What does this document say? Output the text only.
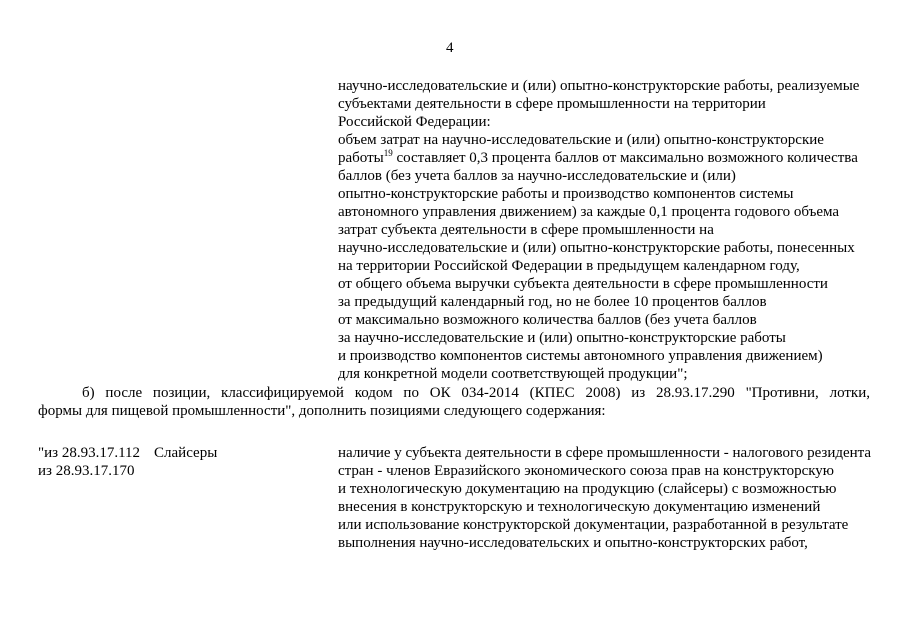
4
научно-исследовательские и (или) опытно-конструкторские работы, реализуемые
субъектами деятельности в сфере промышленности на территории
Российской Федерации:
объем затрат на научно-исследовательские и (или) опытно-конструкторские
работы$^{19}$ составляет 0,3 процента баллов от максимально возможного количества
баллов (без учета баллов за научно-исследовательские и (или)
опытно-конструкторские работы и производство компонентов системы
автономного управления движением) за каждые 0,1 процента годового объема
затрат субъекта деятельности в сфере промышленности на
научно-исследовательские и (или) опытно-конструкторские работы, понесенных
на территории Российской Федерации в предыдущем календарном году,
от общего объема выручки субъекта деятельности в сфере промышленности
за предыдущий календарный год, но не более 10 процентов баллов
от максимально возможного количества баллов (без учета баллов
за научно-исследовательские и (или) опытно-конструкторские работы
и производство компонентов системы автономного управления движением)
для конкретной модели соответствующей продукции";
б) после позиции, классифицируемой кодом по ОК 034-2014 (КПЕС 2008) из 28.93.17.290 "Противни, лотки,
формы для пищевой промышленности", дополнить позициями следующего содержания:
"из 28.93.17.112 Слайсеры
из 28.93.17.170
наличие у субъекта деятельности в сфере промышленности - налогового резидента
стран - членов Евразийского экономического союза прав на конструкторскую
и технологическую документацию на продукцию (слайсеры) с возможностью
внесения в конструкторскую и технологическую документацию изменений
или использование конструкторской документации, разработанной в результате
выполнения научно-исследовательских и опытно-конструкторских работ,
